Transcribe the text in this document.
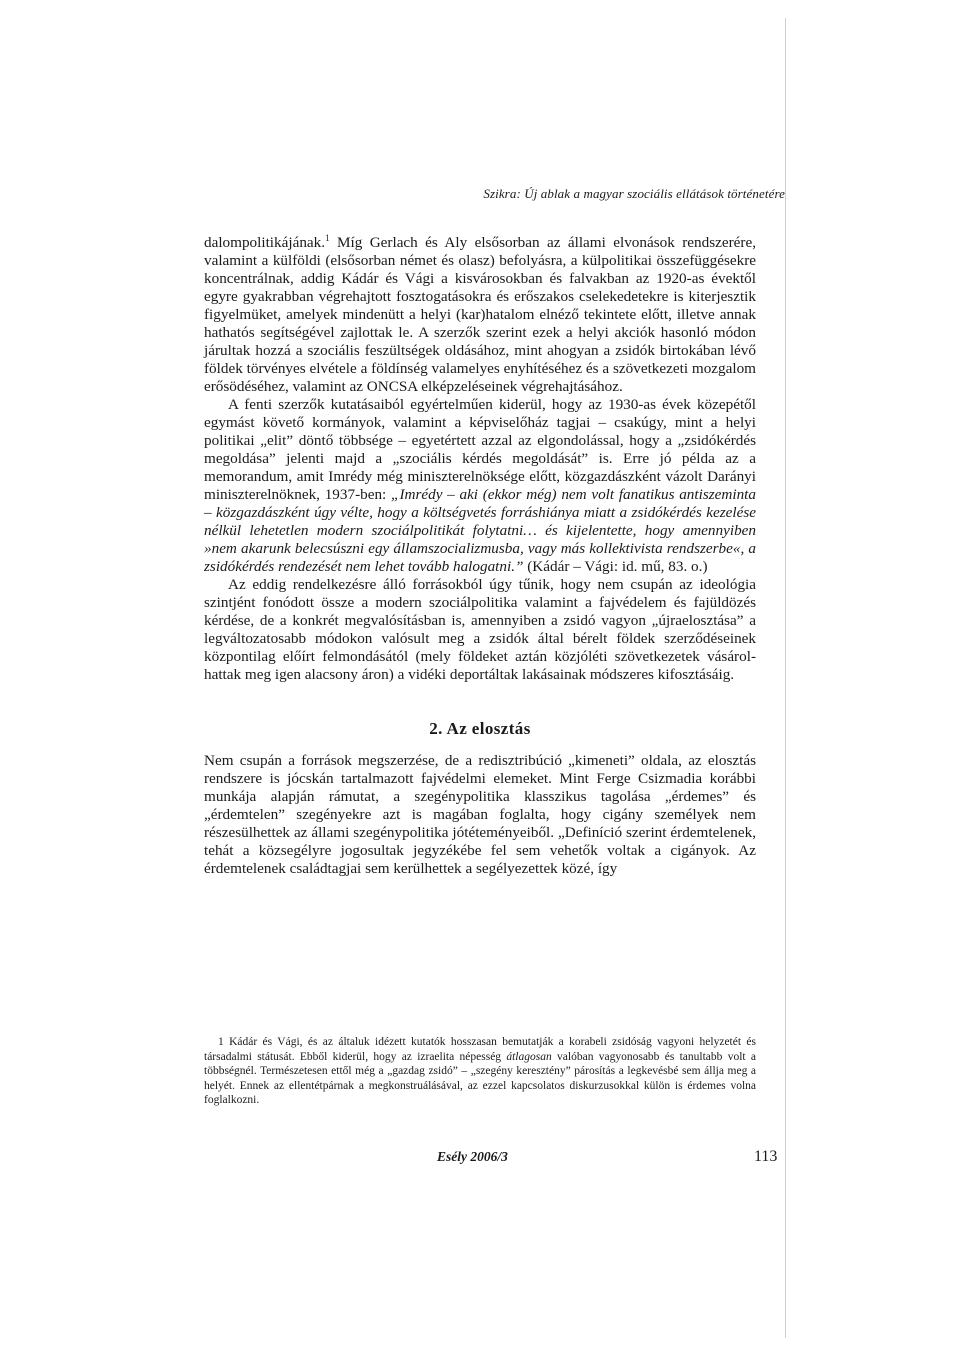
Szikra: Új ablak a magyar szociális ellátások történetére

dalompolitikájának.$^1$ Míg Gerlach és Aly elsősorban az állami elvonások rendszerére, valamint a külföldi (elsősorban német és olasz) befolyásra, a külpolitikai összefüggésekre koncentrálnak, addig Kádár és Vági a kisvárosokban és falvakban az 1920-as évektől egyre gyakrabban végrehajtott fosztogatásokra és erőszakos cselekedetekre is kiterjesztik figyelmüket, amelyek mindenütt a helyi (kar)hatalom elnéző tekintete előtt, illetve annak hathatós segítségével zajlottak le. A szerzők szerint ezek a helyi akciók hasonló módon járultak hozzá a szociális feszültségek oldásához, mint ahogyan a zsidók birtokában lévő földek törvényes elvétele a földínség valamelyes enyhítéséhez és a szövetkezeti mozgalom erősödéséhez, valamint az ONCSA elképzeléseinek végrehajtásához.

A fenti szerzők kutatásaiból egyértelműen kiderül, hogy az 1930-as évek közepétől egymást követő kormányok, valamint a képviselőház tagjai – csakúgy, mint a helyi politikai „elit” döntő többsége – egyetértett azzal az elgondolással, hogy a „zsidókérdés megoldása” jelenti majd a „szociális kérdés megoldását” is. Erre jó példa az a memorandum, amit Imrédy még miniszterelnöksége előtt, közgazdászként vázolt Darányi miniszterelnöknek, 1937-ben: „Imrédy – aki (ekkor még) nem volt fanatikus antiszeminta – közgazdászként úgy vélte, hogy a költségvetés forráshiánya miatt a zsidókérdés kezelése nélkül lehetetlen modern szociálpolitikát folytatni… és kijelentette, hogy amennyiben »nem akarunk belecsúszni egy államszocializmusba, vagy más kollektivista rendszerbe«, a zsidókérdés rendezését nem lehet tovább halogatni.” (Kádár – Vági: id. mű, 83. o.)

Az eddig rendelkezésre álló forrásokból úgy tűnik, hogy nem csupán az ideológia szintjént fonódott össze a modern szociálpolitika valamint a fajvédelem és fajüldözés kérdése, de a konkrét megvalósításban is, amennyiben a zsidó vagyon „újraelosztása” a legváltozatosabb módokon valósult meg a zsidók által bérelt földek szerződéseinek központilag előírt felmondásától (mely földeket aztán közjóléti szövetkezetek vásárolhattak meg igen alacsony áron) a vidéki deportáltak lakásainak módszeres kifosztásáig.

2. Az elosztás

Nem csupán a források megszerzése, de a redisztribúció „kimeneti” oldala, az elosztás rendszere is jócskán tartalmazott fajvédelmi elemeket. Mint Ferge Csizmadia korábbi munkája alapján rámutat, a szegénypolitika klasszikus tagolása „érdemes” és „érdemtelen” szegényekre azt is magában foglalta, hogy cigány személyek nem részesülhettek az állami szegénypolitika jótéteményeiből. „Definíció szerint érdemtelenek, tehát a közsegélyre jogosultak jegyzékébe fel sem vehetők voltak a cigányok. Az érdemtelenek családtagjai sem kerülhettek a segélyezettek közé, így

1 Kádár és Vági, és az általuk idézett kutatók hosszasan bemutatják a korabeli zsidóság vagyoni helyzetét és társadalmi státusát. Ebből kiderül, hogy az izraelita népesség átlagosan valóban vagyonosabb és tanultabb volt a többségnél. Természetesen ettől még a „gazdag zsidó” – „szegény keresztény” párosítás a legkevésbé sem állja meg a helyét. Ennek az ellentétpárnak a megkonstruálásával, az ezzel kapcsolatos diskurzusokkal külön is érdemes volna foglalkozni.

Esély 2006/3	113
